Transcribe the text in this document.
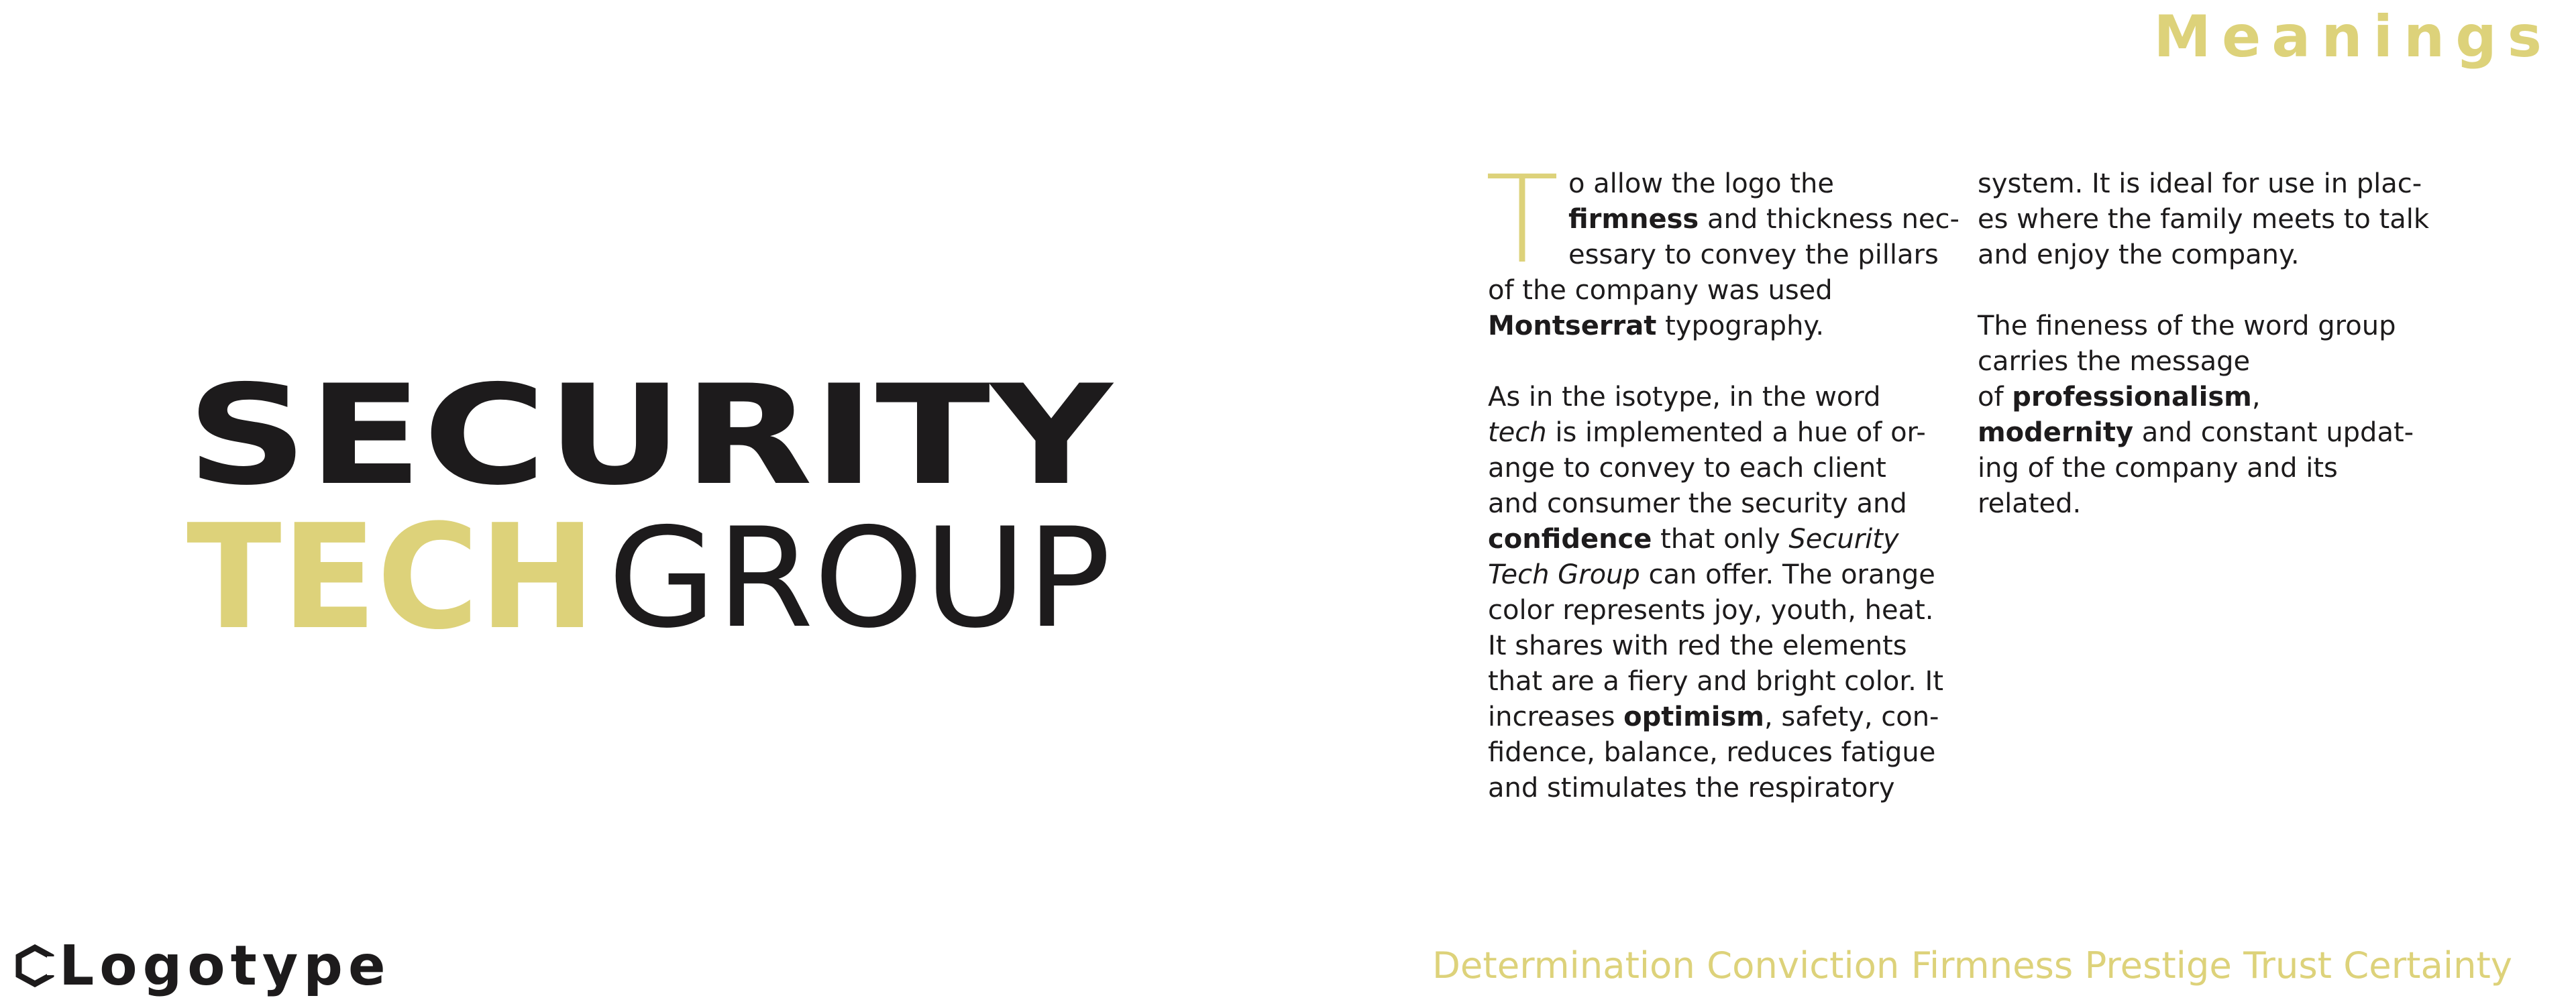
Meanings
SECURITY
TECH GROUP
T o allow the logo the
firmness and thickness nec-
essary to convey the pillars
of the company was used
Montserrat typography.
As in the isotype, in the word
tech is implemented a hue of or-
ange to convey to each client
and consumer the security and
confidence that only Security
Tech Group can offer. The orange
color represents joy, youth, heat.
It shares with red the elements
that are a fiery and bright color. It
increases optimism, safety, con-
fidence, balance, reduces fatigue
and stimulates the respiratory
system. It is ideal for use in plac-
es where the family meets to talk
and enjoy the company.
The fineness of the word group
carries the message
of professionalism,
modernity and constant updat-
ing of the company and its
related.
Logotype	Determination Conviction Firmness Prestige Trust Certainty
